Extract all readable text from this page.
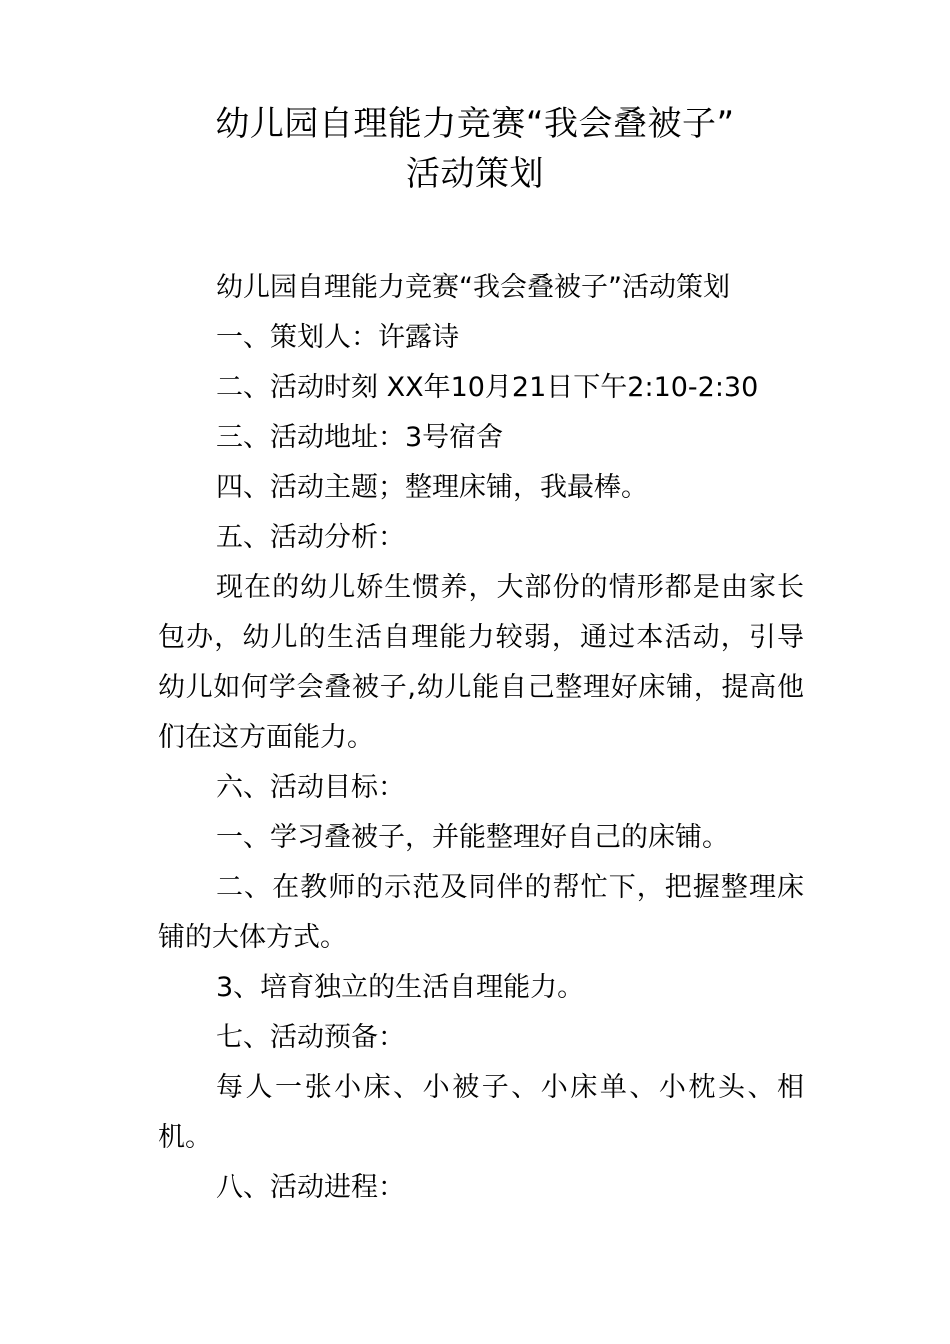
幼儿园自理能力竞赛“我会叠被子”
活动策划

幼儿园自理能力竞赛“我会叠被子”活动策划

一、策划人：许露诗

二、活动时刻 XX年10月21日下午2:10-2:30

三、活动地址：3号宿舍

四、活动主题；整理床铺，我最棒。

五、活动分析：

现在的幼儿娇生惯养，大部份的情形都是由家长包办，幼儿的生活自理能力较弱，通过本活动，引导幼儿如何学会叠被子,幼儿能自己整理好床铺，提高他们在这方面能力。

六、活动目标：

一、学习叠被子，并能整理好自己的床铺。

二、在教师的示范及同伴的帮忙下，把握整理床铺的大体方式。

3、培育独立的生活自理能力。

七、活动预备：

每人一张小床、小被子、小床单、小枕头、相机。

八、活动进程：
